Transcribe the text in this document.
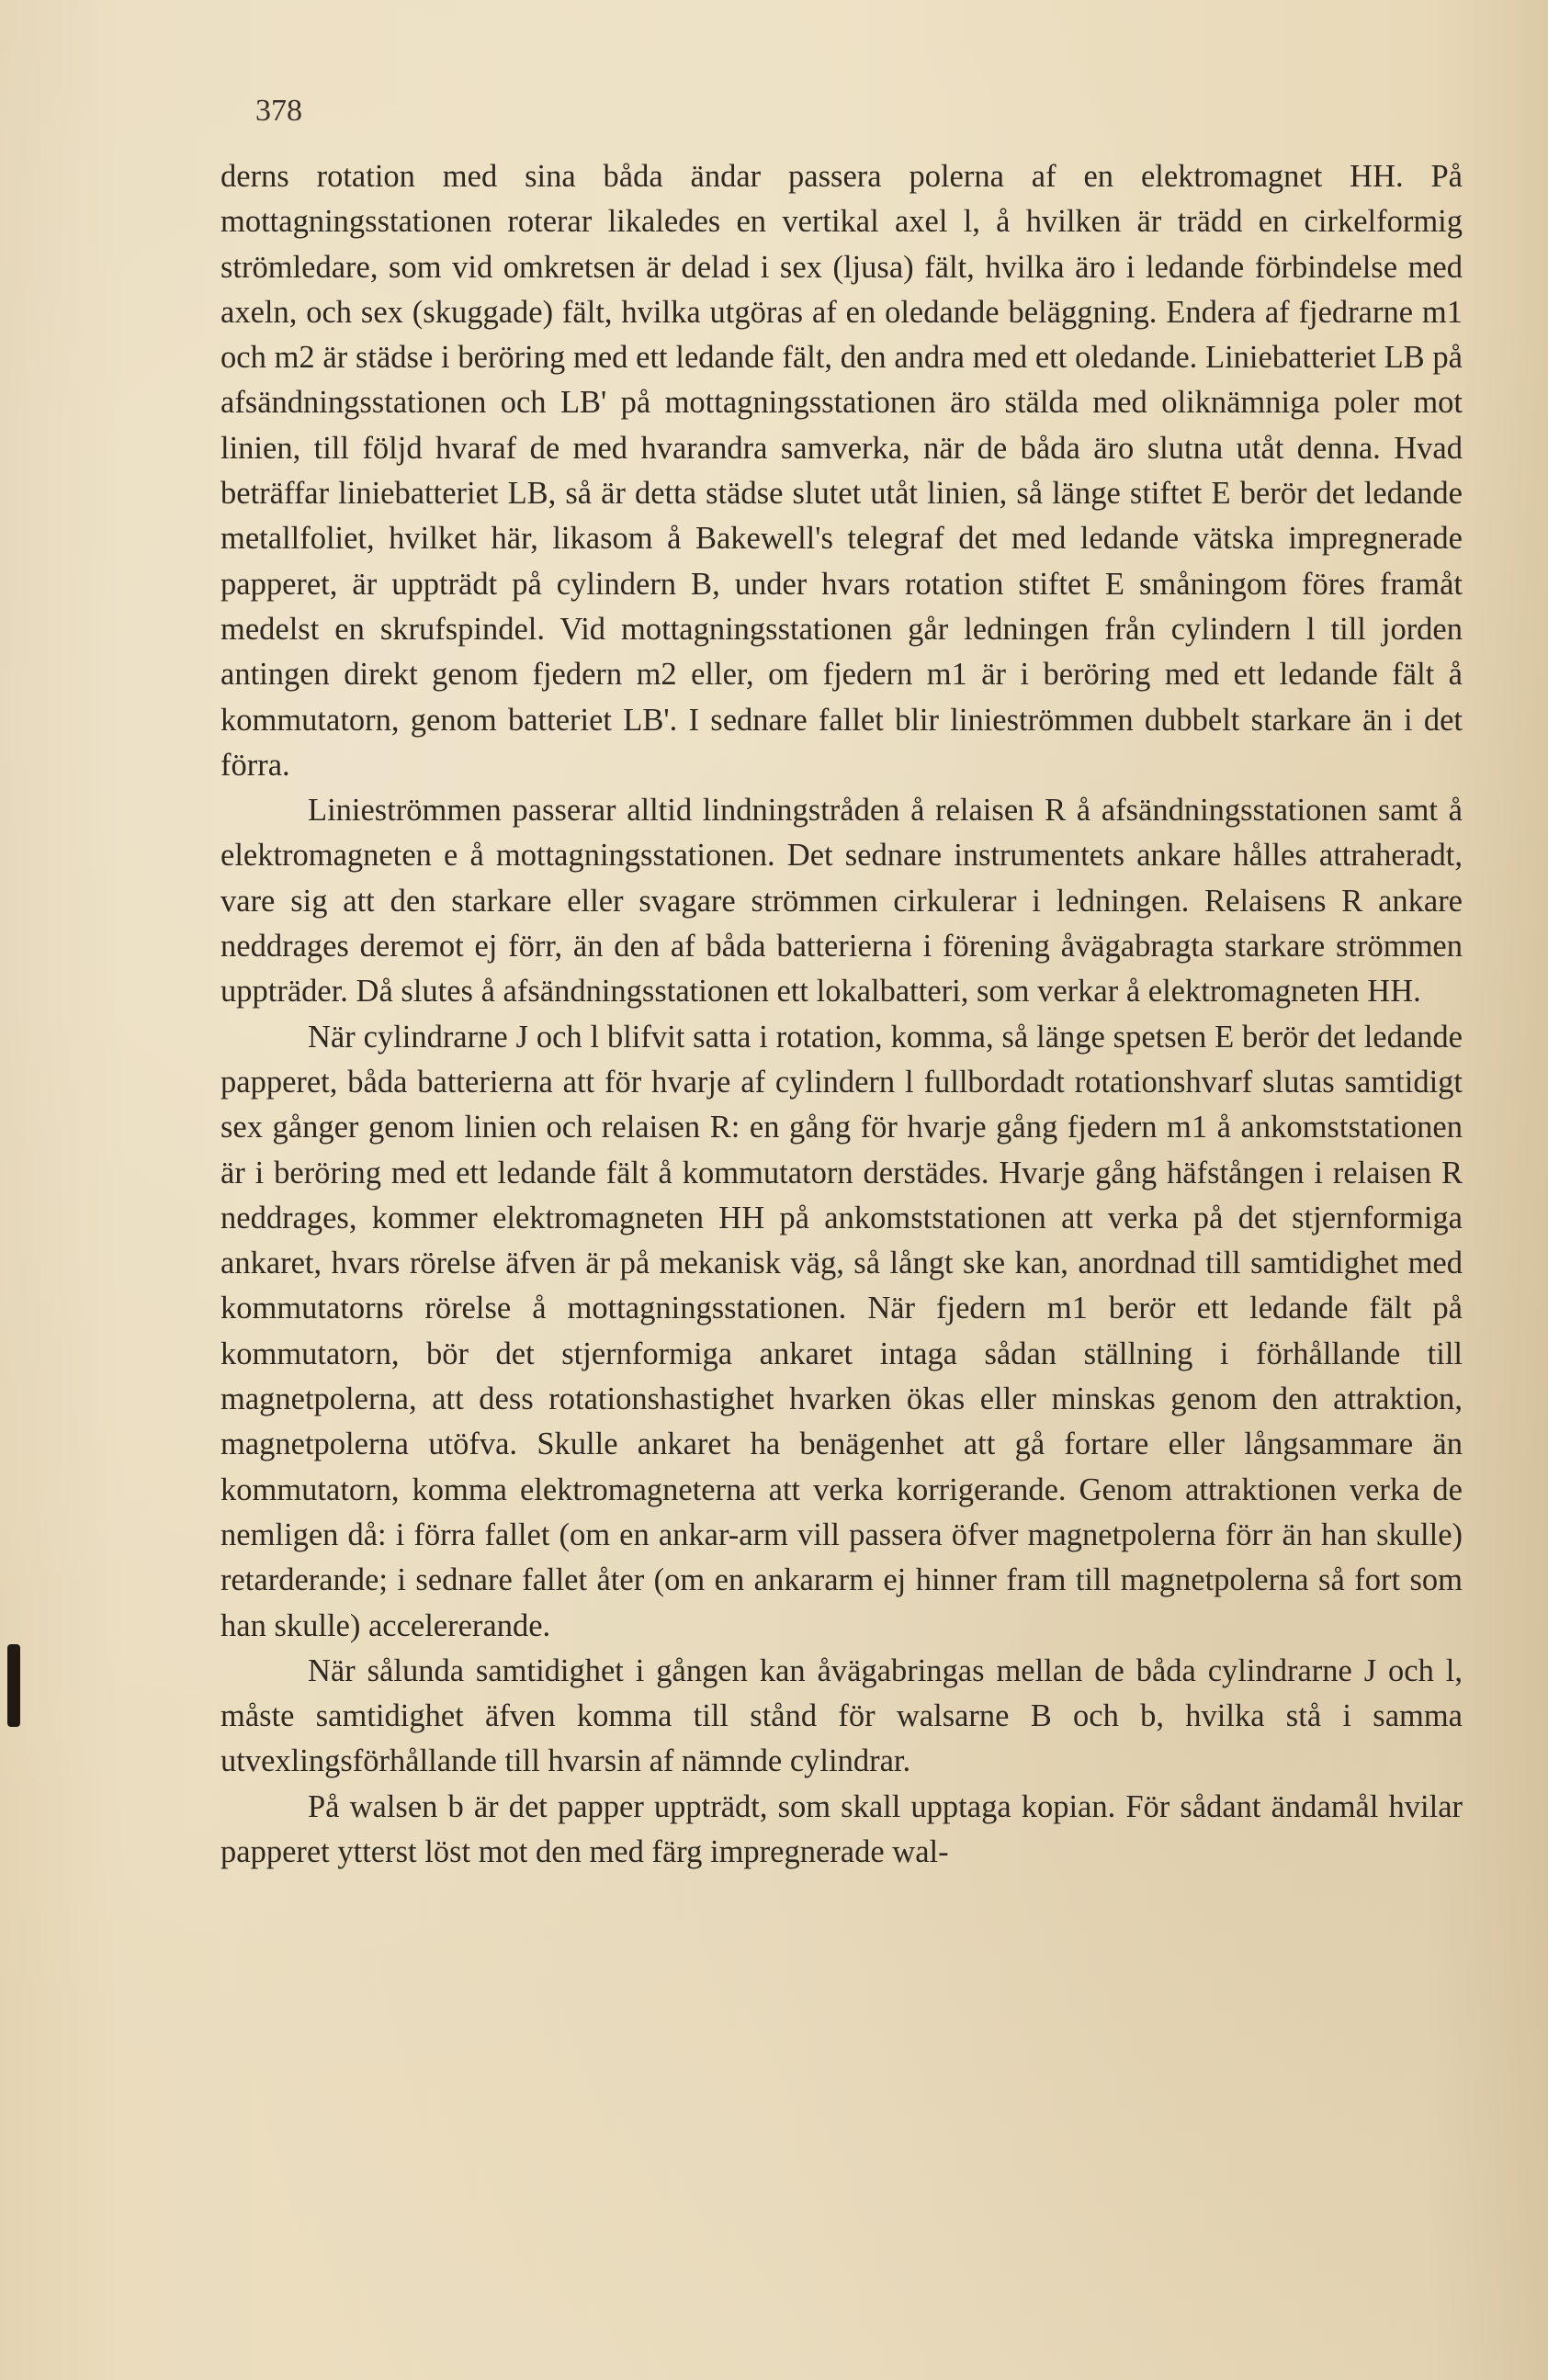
378

derns rotation med sina båda ändar passera polerna af en elektromagnet HH. På mottagningsstationen roterar likaledes en vertikal axel l, å hvilken är trädd en cirkelformig strömledare, som vid omkretsen är delad i sex (ljusa) fält, hvilka äro i ledande förbindelse med axeln, och sex (skuggade) fält, hvilka utgöras af en oledande beläggning. Endera af fjedrarne m1 och m2 är städse i beröring med ett ledande fält, den andra med ett oledande. Liniebatteriet LB på afsändningsstationen och LB' på mottagningsstationen äro stälda med oliknämniga poler mot linien, till följd hvaraf de med hvarandra samverka, när de båda äro slutna utåt denna. Hvad beträffar liniebatteriet LB, så är detta städse slutet utåt linien, så länge stiftet E berör det ledande metallfoliet, hvilket här, likasom å Bakewell's telegraf det med ledande vätska impregnerade papperet, är uppträdt på cylindern B, under hvars rotation stiftet E småningom föres framåt medelst en skrufspindel. Vid mottagningsstationen går ledningen från cylindern l till jorden antingen direkt genom fjedern m2 eller, om fjedern m1 är i beröring med ett ledande fält å kommutatorn, genom batteriet LB'. I sednare fallet blir linieströmmen dubbelt starkare än i det förra.

Linieströmmen passerar alltid lindningstråden å relaisen R å afsändningsstationen samt å elektromagneten e å mottagningsstationen. Det sednare instrumentets ankare hålles attraheradt, vare sig att den starkare eller svagare strömmen cirkulerar i ledningen. Relaisens R ankare neddrages deremot ej förr, än den af båda batterierna i förening åvägabragta starkare strömmen uppträder. Då slutes å afsändningsstationen ett lokalbatteri, som verkar å elektromagneten HH.

När cylindrarne J och l blifvit satta i rotation, komma, så länge spetsen E berör det ledande papperet, båda batterierna att för hvarje af cylindern l fullbordadt rotationshvarf slutas samtidigt sex gånger genom linien och relaisen R: en gång för hvarje gång fjedern m1 å ankomststationen är i beröring med ett ledande fält å kommutatorn derstädes. Hvarje gång häfstången i relaisen R neddrages, kommer elektromagneten HH på ankomststationen att verka på det stjernformiga ankaret, hvars rörelse äfven är på mekanisk väg, så långt ske kan, anordnad till samtidighet med kommutatorns rörelse å mottagningsstationen. När fjedern m1 berör ett ledande fält på kommutatorn, bör det stjernformiga ankaret intaga sådan ställning i förhållande till magnetpolerna, att dess rotationshastighet hvarken ökas eller minskas genom den attraktion, magnetpolerna utöfva. Skulle ankaret ha benägenhet att gå fortare eller långsammare än kommutatorn, komma elektromagneterna att verka korrigerande. Genom attraktionen verka de nemligen då: i förra fallet (om en ankar-arm vill passera öfver magnetpolerna förr än han skulle) retarderande; i sednare fallet åter (om en ankararm ej hinner fram till magnetpolerna så fort som han skulle) accelererande.

När sålunda samtidighet i gången kan åvägabringas mellan de båda cylindrarne J och l, måste samtidighet äfven komma till stånd för walsarne B och b, hvilka stå i samma utvexlingsförhållande till hvarsin af nämnde cylindrar.

På walsen b är det papper uppträdt, som skall upptaga kopian. För sådant ändamål hvilar papperet ytterst löst mot den med färg impregnerade wal-
